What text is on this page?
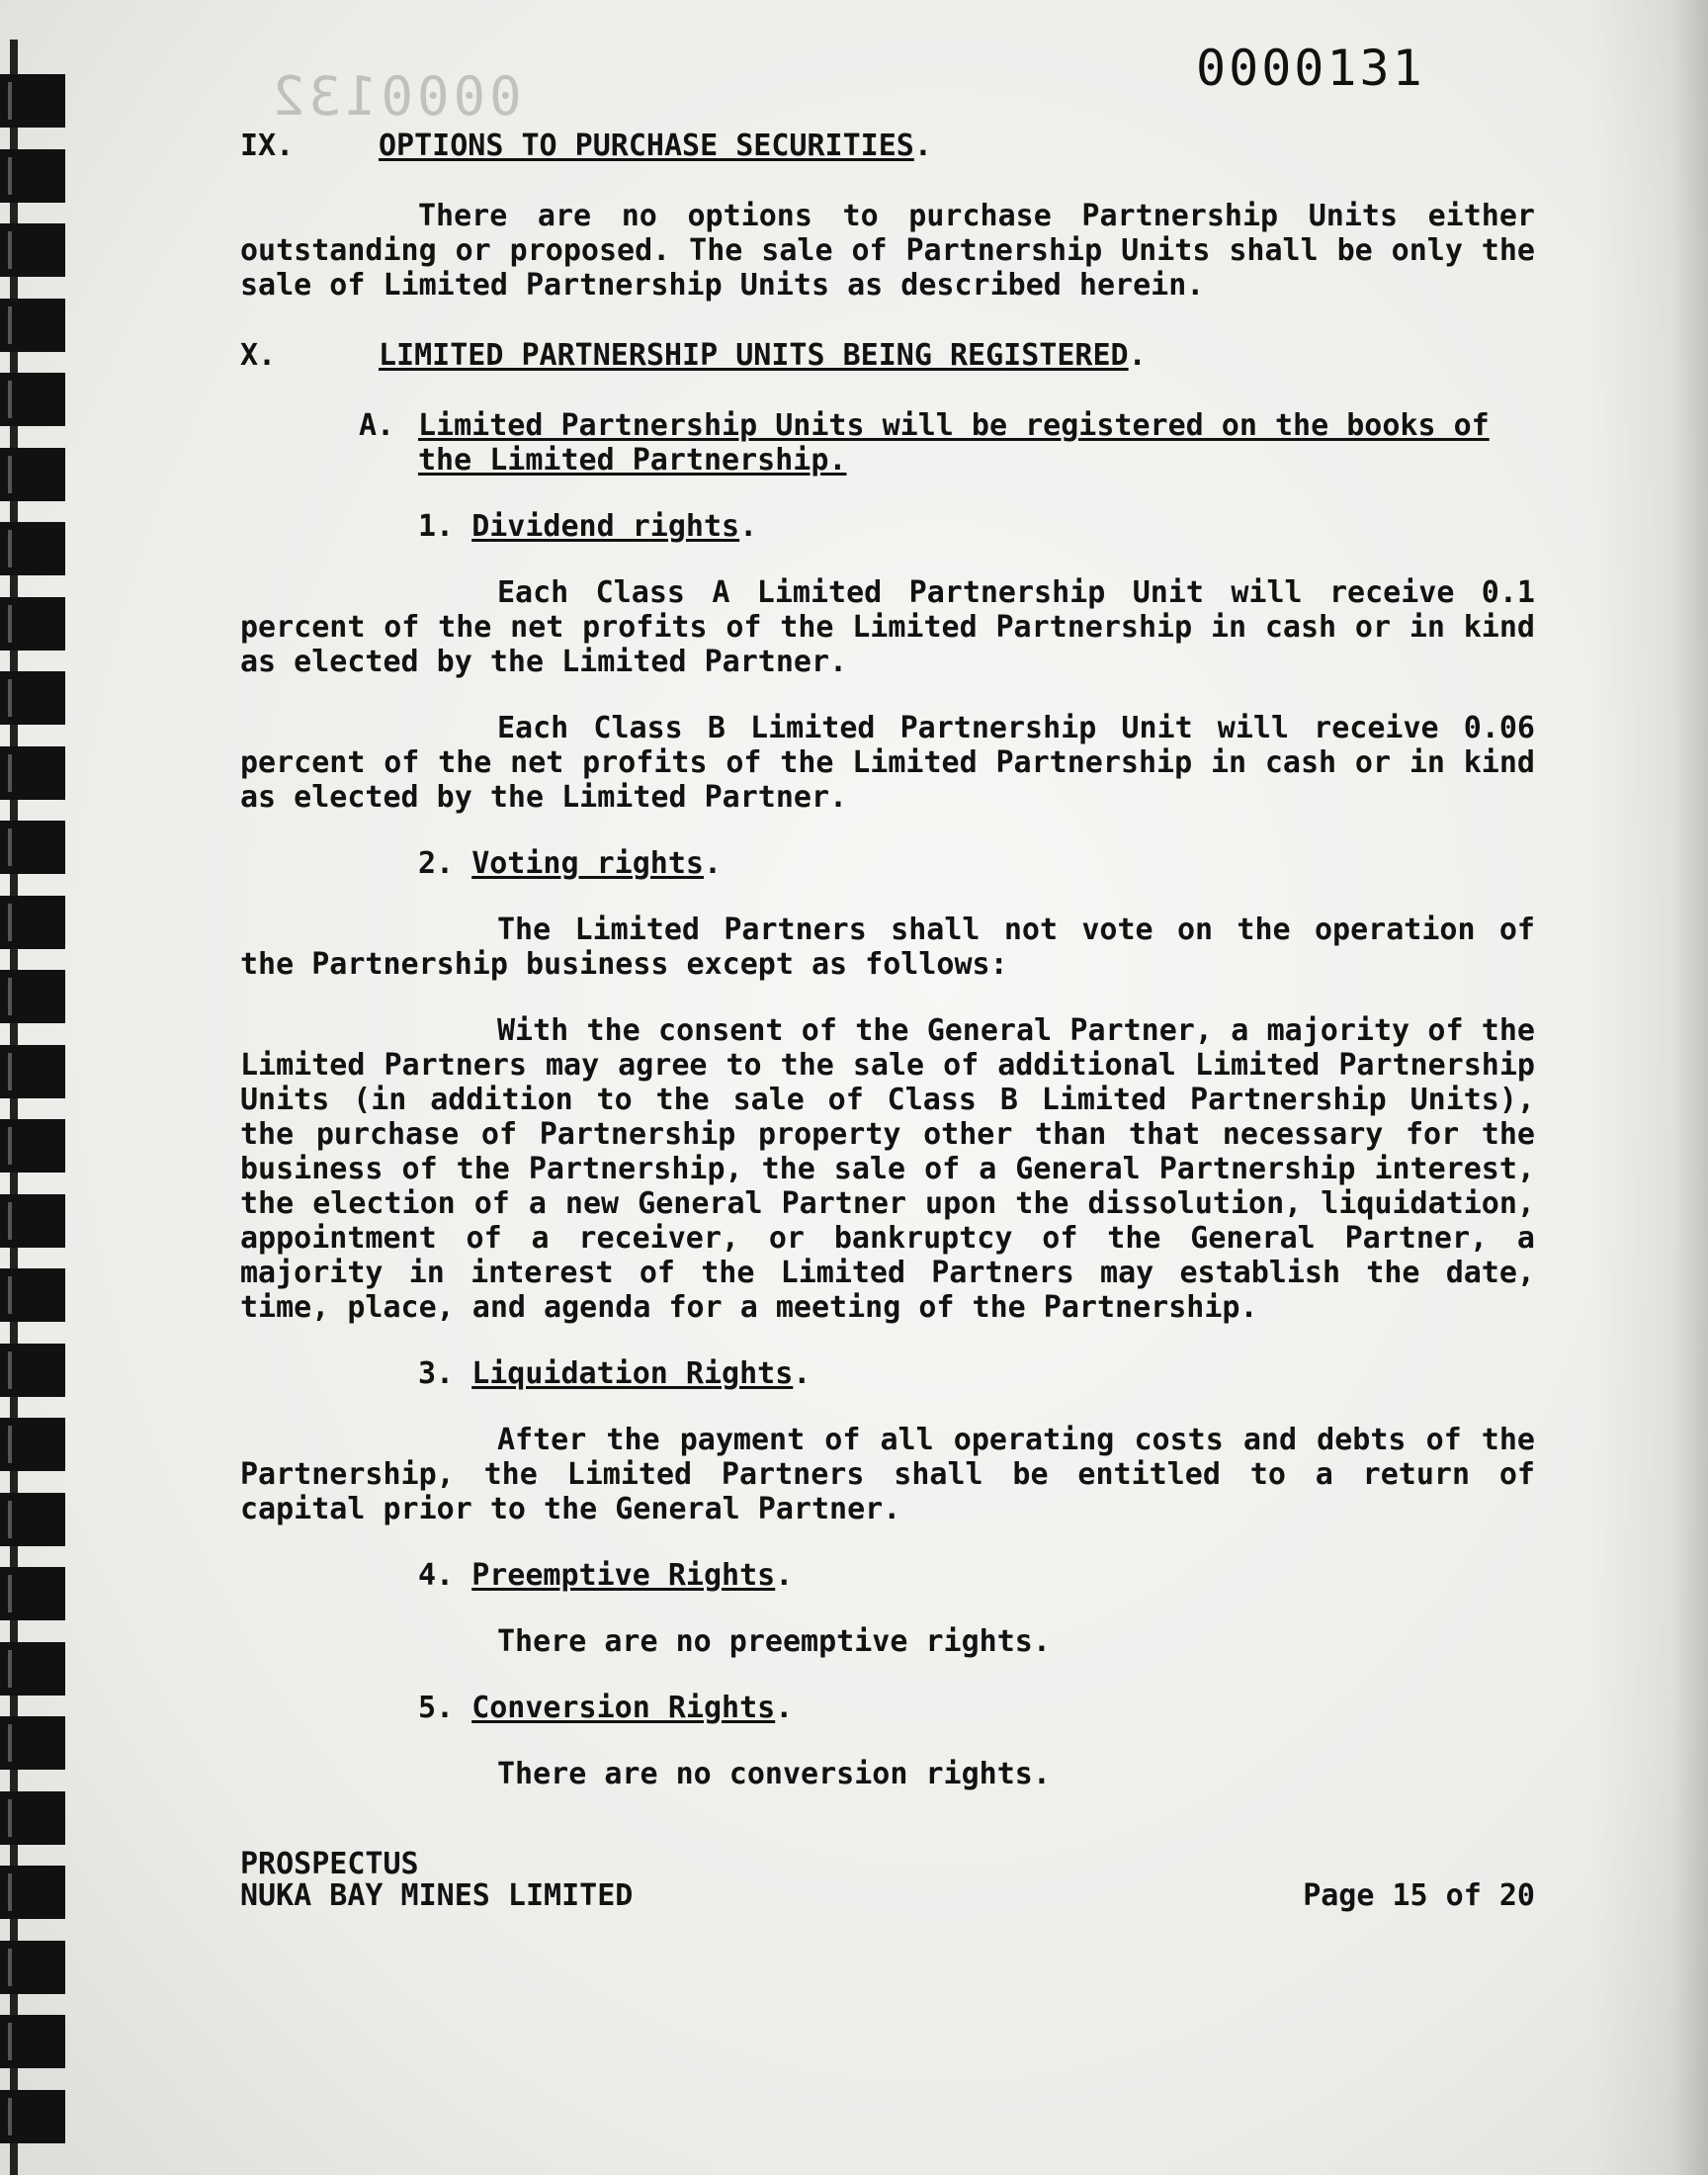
0000132	0000131

IX.	OPTIONS TO PURCHASE SECURITIES.

There are no options to purchase Partnership Units either outstanding or proposed. The sale of Partnership Units shall be only the sale of Limited Partnership Units as described herein.

X.	LIMITED PARTNERSHIP UNITS BEING REGISTERED.

A. Limited Partnership Units will be registered on the books of the Limited Partnership.

1. Dividend rights.

Each Class A Limited Partnership Unit will receive 0.1 percent of the net profits of the Limited Partnership in cash or in kind as elected by the Limited Partner.

Each Class B Limited Partnership Unit will receive 0.06 percent of the net profits of the Limited Partnership in cash or in kind as elected by the Limited Partner.

2. Voting rights.

The Limited Partners shall not vote on the operation of the Partnership business except as follows:

With the consent of the General Partner, a majority of the Limited Partners may agree to the sale of additional Limited Partnership Units (in addition to the sale of Class B Limited Partnership Units), the purchase of Partnership property other than that necessary for the business of the Partnership, the sale of a General Partnership interest, the election of a new General Partner upon the dissolution, liquidation, appointment of a receiver, or bankruptcy of the General Partner, a majority in interest of the Limited Partners may establish the date, time, place, and agenda for a meeting of the Partnership.

3. Liquidation Rights.

After the payment of all operating costs and debts of the Partnership, the Limited Partners shall be entitled to a return of capital prior to the General Partner.

4. Preemptive Rights.

There are no preemptive rights.

5. Conversion Rights.

There are no conversion rights.

PROSPECTUS
NUKA BAY MINES LIMITED	Page 15 of 20
